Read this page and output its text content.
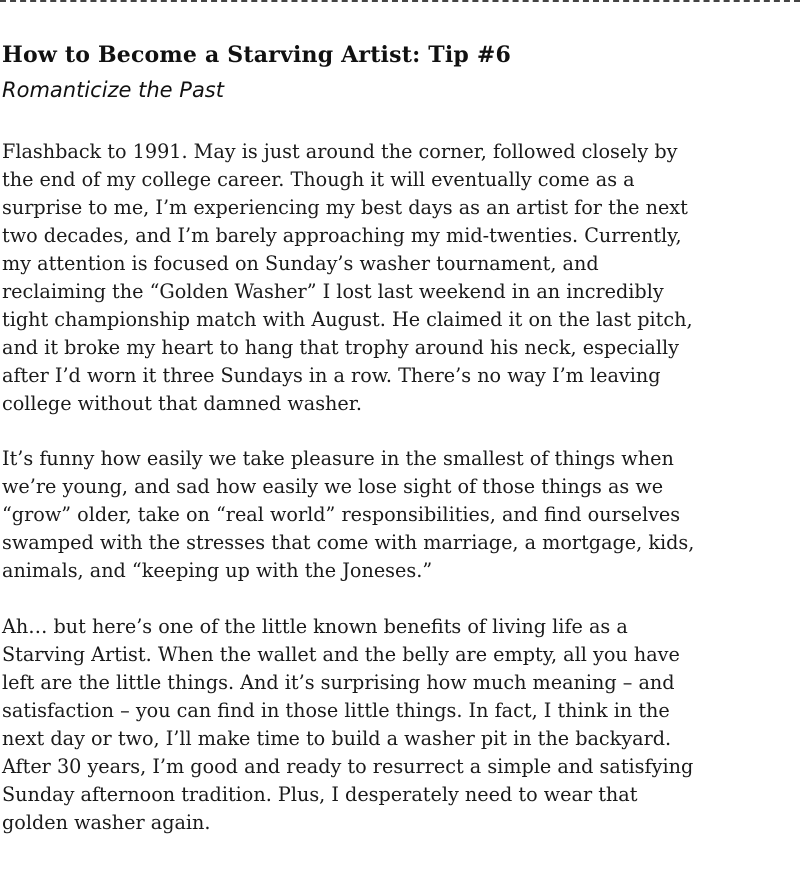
How to Become a Starving Artist: Tip #6
Romanticize the Past

Flashback to 1991. May is just around the corner, followed closely by
the end of my college career. Though it will eventually come as a
surprise to me, I’m experiencing my best days as an artist for the next
two decades, and I’m barely approaching my mid-twenties. Currently,
my attention is focused on Sunday’s washer tournament, and
reclaiming the “Golden Washer” I lost last weekend in an incredibly
tight championship match with August. He claimed it on the last pitch,
and it broke my heart to hang that trophy around his neck, especially
after I’d worn it three Sundays in a row. There’s no way I’m leaving
college without that damned washer.

It’s funny how easily we take pleasure in the smallest of things when
we’re young, and sad how easily we lose sight of those things as we
“grow” older, take on “real world” responsibilities, and find ourselves
swamped with the stresses that come with marriage, a mortgage, kids,
animals, and “keeping up with the Joneses.”

Ah… but here’s one of the little known benefits of living life as a
Starving Artist. When the wallet and the belly are empty, all you have
left are the little things. And it’s surprising how much meaning – and
satisfaction – you can find in those little things. In fact, I think in the
next day or two, I’ll make time to build a washer pit in the backyard.
After 30 years, I’m good and ready to resurrect a simple and satisfying
Sunday afternoon tradition. Plus, I desperately need to wear that
golden washer again.
